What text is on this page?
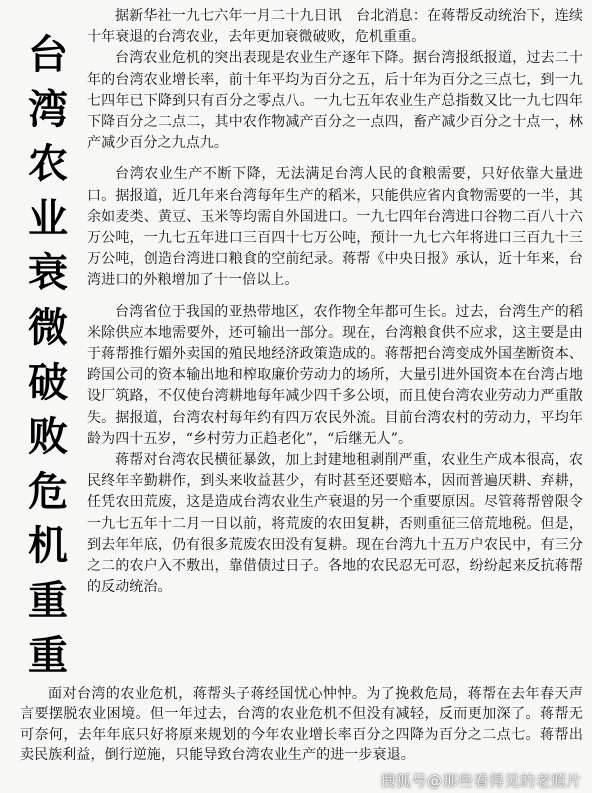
台
湾
农
业
衰
微
破
败
危
机
重
重

据新华社一九七六年一月二十九日讯　台北消息：在蒋帮反动统治下，连续十年衰退的台湾农业，去年更加衰微破败，危机重重。

台湾农业危机的突出表现是农业生产逐年下降。据台湾报纸报道，过去二十年的台湾农业增长率，前十年平均为百分之五，后十年为百分之三点七，到一九七四年已下降到只有百分之零点八。一九七五年农业生产总指数又比一九七四年下降百分之二点二，其中农作物减产百分之一点四，畜产减少百分之十点一，林产减少百分之九点九。

台湾农业生产不断下降，无法满足台湾人民的食粮需要，只好依靠大量进口。据报道，近几年来台湾每年生产的稻米，只能供应省内食物需要的一半，其余如麦类、黄豆、玉米等均需自外国进口。一九七四年台湾进口谷物二百八十六万公吨，一九七五年进口三百四十七万公吨，预计一九七六年将进口三百九十三万公吨，创造台湾进口粮食的空前纪录。蒋帮《中央日报》承认，近十年来，台湾进口的外粮增加了十一倍以上。

台湾省位于我国的亚热带地区，农作物全年都可生长。过去，台湾生产的稻米除供应本地需要外，还可输出一部分。现在，台湾粮食供不应求，这主要是由于蒋帮推行媚外卖国的殖民地经济政策造成的。蒋帮把台湾变成外国垄断资本、跨国公司的资本输出地和榨取廉价劳动力的场所，大量引进外国资本在台湾占地设厂筑路，不仅使台湾耕地每年减少四千多公顷，而且使台湾农业劳动力严重散失。据报道，台湾农村每年约有四万农民外流。目前台湾农村的劳动力，平均年龄为四十五岁，“乡村劳力正趋老化”，“后继无人”。

蒋帮对台湾农民横征暴敛，加上封建地租剥削严重，农业生产成本很高，农民终年辛勤耕作，到头来收益甚少，有时甚至还要赔本，因而普遍厌耕、弃耕，任凭农田荒废，这是造成台湾农业生产衰退的另一个重要原因。尽管蒋帮曾限令一九七五年十二月一日以前，将荒废的农田复耕，否则重征三倍荒地税。但是，到去年年底，仍有很多荒废农田没有复耕。现在台湾九十五万户农民中，有三分之二的农户入不敷出，靠借债过日子。各地的农民忍无可忍，纷纷起来反抗蒋帮的反动统治。

面对台湾的农业危机，蒋帮头子蒋经国忧心忡忡。为了挽救危局，蒋帮在去年春天声言要摆脱农业困境。但一年过去，台湾的农业危机不但没有减轻，反而更加深了。蒋帮无可奈何，去年年底只好将原来规划的今年农业增长率百分之四降为百分之二点七。蒋帮出卖民族利益，倒行逆施，只能导致台湾农业生产的进一步衰退。

搜狐号@那些看得见的老照片
